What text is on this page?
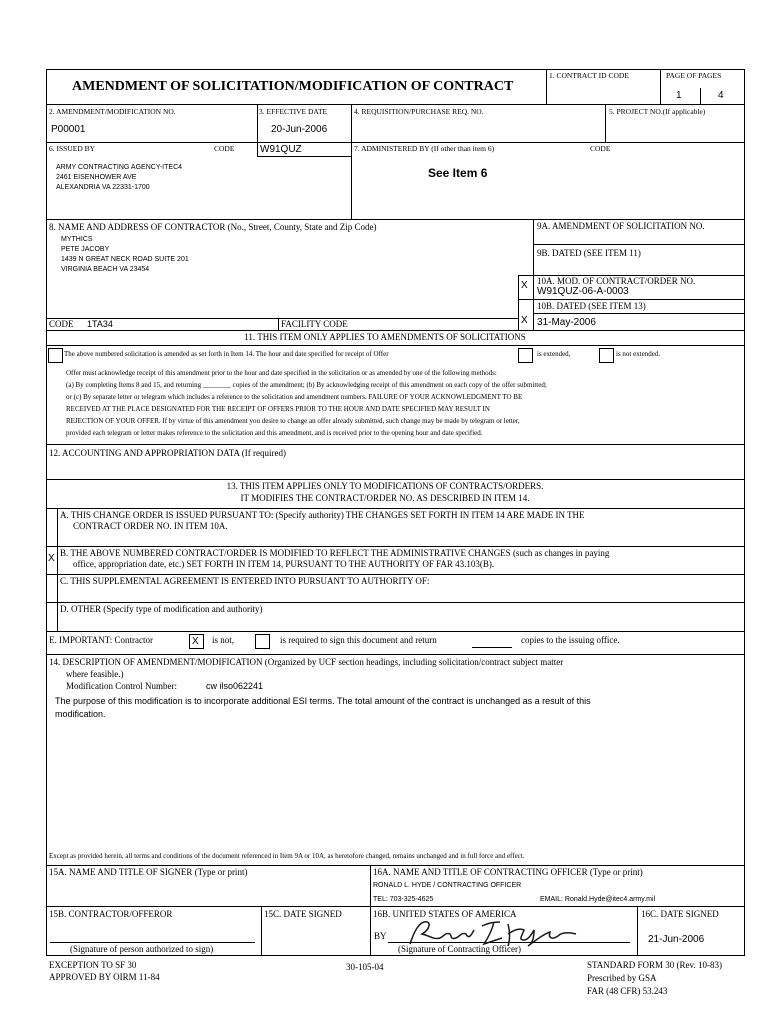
AMENDMENT OF SOLICITATION/MODIFICATION OF CONTRACT
1. CONTRACT ID CODE	PAGE OF PAGES
1	4
2. AMENDMENT/MODIFICATION NO.
P00001
3. EFFECTIVE DATE
20-Jun-2006
4. REQUISITION/PURCHASE REQ. NO.	5. PROJECT NO.(If applicable)
6. ISSUED BY	CODE	W91QUZ
ARMY CONTRACTING AGENCY-ITEC4
2461 EISENHOWER AVE
ALEXANDRIA VA 22331-1700
7. ADMINISTERED BY (If other than item 6)	CODE
See Item 6
8. NAME AND ADDRESS OF CONTRACTOR (No., Street, County, State and Zip Code)
MYTHICS
PETE JACOBY
1439 N GREAT NECK ROAD SUITE 201
VIRGINIA BEACH VA 23454
9A. AMENDMENT OF SOLICITATION NO.
9B. DATED (SEE ITEM 11)
X 10A. MOD. OF CONTRACT/ORDER NO.
W91QUZ-06-A-0003
10B. DATED (SEE ITEM 13)
X 31-May-2006
CODE 1TA34	FACILITY CODE
11. THIS ITEM ONLY APPLIES TO AMENDMENTS OF SOLICITATIONS
The above numbered solicitation is amended as set forth in Item 14. The hour and date specified for receipt of Offer	is extended,	is not extended.
Offer must acknowledge receipt of this amendment prior to the hour and date specified in the solicitation or as amended by one of the following methods:
(a) By completing Items 8 and 15, and returning ________ copies of the amendment; (b) By acknowledging receipt of this amendment on each copy of the offer submitted;
or (c) By separate letter or telegram which includes a reference to the solicitation and amendment numbers. FAILURE OF YOUR ACKNOWLEDGMENT TO BE
RECEIVED AT THE PLACE DESIGNATED FOR THE RECEIPT OF OFFERS PRIOR TO THE HOUR AND DATE SPECIFIED MAY RESULT IN
REJECTION OF YOUR OFFER. If by virtue of this amendment you desire to change an offer already submitted, such change may be made by telegram or letter,
provided each telegram or letter makes reference to the solicitation and this amendment, and is received prior to the opening hour and date specified.
12. ACCOUNTING AND APPROPRIATION DATA (If required)
13. THIS ITEM APPLIES ONLY TO MODIFICATIONS OF CONTRACTS/ORDERS.
IT MODIFIES THE CONTRACT/ORDER NO. AS DESCRIBED IN ITEM 14.
A. THIS CHANGE ORDER IS ISSUED PURSUANT TO: (Specify authority) THE CHANGES SET FORTH IN ITEM 14 ARE MADE IN THE
CONTRACT ORDER NO. IN ITEM 10A.
X B. THE ABOVE NUMBERED CONTRACT/ORDER IS MODIFIED TO REFLECT THE ADMINISTRATIVE CHANGES (such as changes in paying
office, appropriation date, etc.) SET FORTH IN ITEM 14, PURSUANT TO THE AUTHORITY OF FAR 43.103(B).
C. THIS SUPPLEMENTAL AGREEMENT IS ENTERED INTO PURSUANT TO AUTHORITY OF:
D. OTHER (Specify type of modification and authority)
E. IMPORTANT: Contractor	X is not,	is required to sign this document and return	copies to the issuing office.
14. DESCRIPTION OF AMENDMENT/MODIFICATION (Organized by UCF section headings, including solicitation/contract subject matter
where feasible.)
Modification Control Number:	cw ilso062241
The purpose of this modification is to incorporate additional ESI terms. The total amount of the contract is unchanged as a result of this
modification.
Except as provided herein, all terms and conditions of the document referenced in Item 9A or 10A, as heretofore changed, remains unchanged and in full force and effect.
15A. NAME AND TITLE OF SIGNER (Type or print)	16A. NAME AND TITLE OF CONTRACTING OFFICER (Type or print)
RONALD L. HYDE / CONTRACTING OFFICER
TEL: 703-325-4625	EMAIL: Ronald.Hyde@itec4.army.mil
15B. CONTRACTOR/OFFEROR	15C. DATE SIGNED	16B. UNITED STATES OF AMERICA	16C. DATE SIGNED
21-Jun-2006
(Signature of person authorized to sign)
BY
(Signature of Contracting Officer)
EXCEPTION TO SF 30
APPROVED BY OIRM 11-84
30-105-04	STANDARD FORM 30 (Rev. 10-83)
Prescribed by GSA
FAR (48 CFR) 53.243
